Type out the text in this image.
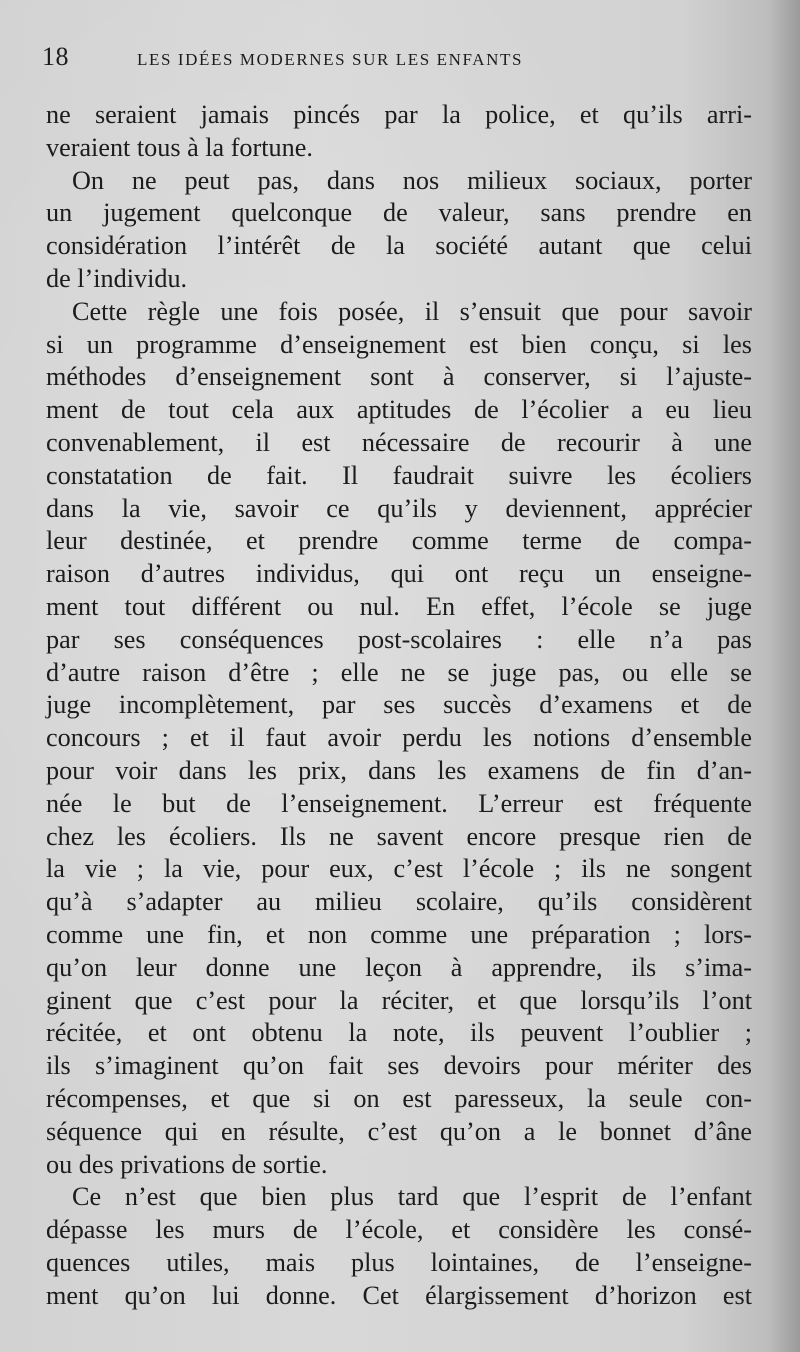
18	LES IDÉES MODERNES SUR LES ENFANTS
ne seraient jamais pincés par la police, et qu’ils arri-
veraient tous à la fortune.
On ne peut pas, dans nos milieux sociaux, porter
un jugement quelconque de valeur, sans prendre en
considération l’intérêt de la société autant que celui
de l’individu.
Cette règle une fois posée, il s’ensuit que pour savoir
si un programme d’enseignement est bien conçu, si les
méthodes d’enseignement sont à conserver, si l’ajuste-
ment de tout cela aux aptitudes de l’écolier a eu lieu
convenablement, il est nécessaire de recourir à une
constatation de fait. Il faudrait suivre les écoliers
dans la vie, savoir ce qu’ils y deviennent, apprécier
leur destinée, et prendre comme terme de compa-
raison d’autres individus, qui ont reçu un enseigne-
ment tout différent ou nul. En effet, l’école se juge
par ses conséquences post-scolaires : elle n’a pas
d’autre raison d’être ; elle ne se juge pas, ou elle se
juge incomplètement, par ses succès d’examens et de
concours ; et il faut avoir perdu les notions d’ensemble
pour voir dans les prix, dans les examens de fin d’an-
née le but de l’enseignement. L’erreur est fréquente
chez les écoliers. Ils ne savent encore presque rien de
la vie ; la vie, pour eux, c’est l’école ; ils ne songent
qu’à s’adapter au milieu scolaire, qu’ils considèrent
comme une fin, et non comme une préparation ; lors-
qu’on leur donne une leçon à apprendre, ils s’ima-
ginent que c’est pour la réciter, et que lorsqu’ils l’ont
récitée, et ont obtenu la note, ils peuvent l’oublier ;
ils s’imaginent qu’on fait ses devoirs pour mériter des
récompenses, et que si on est paresseux, la seule con-
séquence qui en résulte, c’est qu’on a le bonnet d’âne
ou des privations de sortie.
Ce n’est que bien plus tard que l’esprit de l’enfant
dépasse les murs de l’école, et considère les consé-
quences utiles, mais plus lointaines, de l’enseigne-
ment qu’on lui donne. Cet élargissement d’horizon est
